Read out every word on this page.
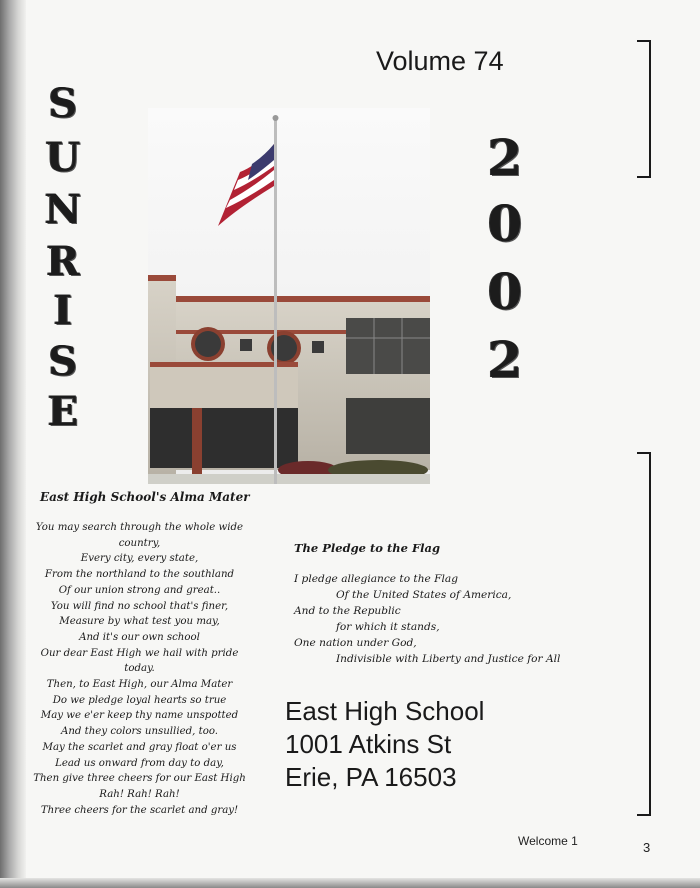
Volume 74
S
U
N
R
I
S
E
2
0
0
2
East High School's Alma Mater
You may search through the whole wide
country,
Every city, every state,
From the northland to the southland
Of our union strong and great..
You will find no school that's finer,
Measure by what test you may,
And it's our own school
Our dear East High we hail with pride
today.
Then, to East High, our Alma Mater
Do we pledge loyal hearts so true
May we e'er keep thy name unspotted
And they colors unsullied, too.
May the scarlet and gray float o'er us
Lead us onward from day to day,
Then give three cheers for our East High
Rah! Rah! Rah!
Three cheers for the scarlet and gray!
The Pledge to the Flag
I pledge allegiance to the Flag
Of the United States of America,
And to the Republic
for which it stands,
One nation under God,
Indivisible with Liberty and Justice for All
East High School
1001 Atkins St
Erie, PA 16503
Welcome 1	3
